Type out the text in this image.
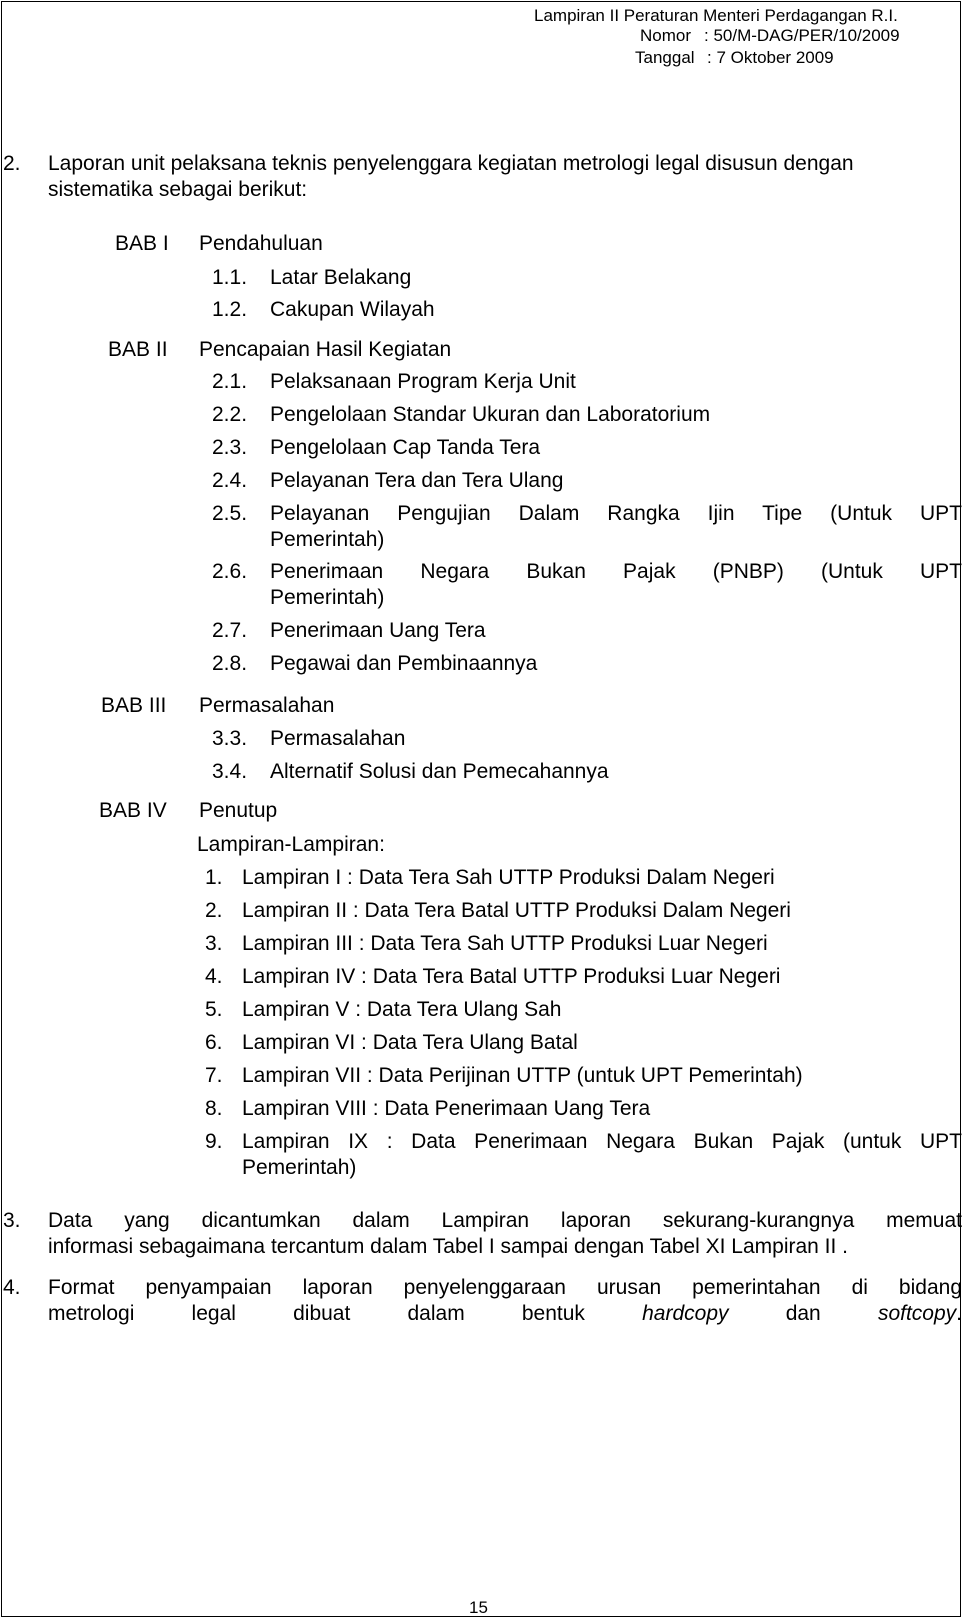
Lampiran II Peraturan Menteri Perdagangan R.I.
Nomor : 50/M-DAG/PER/10/2009
Tanggal : 7 Oktober 2009
2. Laporan unit pelaksana teknis penyelenggara kegiatan metrologi legal disusun dengan
sistematika sebagai berikut:
BAB I Pendahuluan
1.1. Latar Belakang
1.2. Cakupan Wilayah
BAB II Pencapaian Hasil Kegiatan
2.1. Pelaksanaan Program Kerja Unit
2.2. Pengelolaan Standar Ukuran dan Laboratorium
2.3. Pengelolaan Cap Tanda Tera
2.4. Pelayanan Tera dan Tera Ulang
2.5. Pelayanan Pengujian Dalam Rangka Ijin Tipe (Untuk UPT
Pemerintah)
2.6. Penerimaan Negara Bukan Pajak (PNBP) (Untuk UPT
Pemerintah)
2.7. Penerimaan Uang Tera
2.8. Pegawai dan Pembinaannya
BAB III Permasalahan
3.3. Permasalahan
3.4. Alternatif Solusi dan Pemecahannya
BAB IV Penutup
Lampiran-Lampiran:
1. Lampiran I : Data Tera Sah UTTP Produksi Dalam Negeri
2. Lampiran II : Data Tera Batal UTTP Produksi Dalam Negeri
3. Lampiran III : Data Tera Sah UTTP Produksi Luar Negeri
4. Lampiran IV : Data Tera Batal UTTP Produksi Luar Negeri
5. Lampiran V : Data Tera Ulang Sah
6. Lampiran VI : Data Tera Ulang Batal
7. Lampiran VII : Data Perijinan UTTP (untuk UPT Pemerintah)
8. Lampiran VIII : Data Penerimaan Uang Tera
9. Lampiran IX : Data Penerimaan Negara Bukan Pajak (untuk UPT
Pemerintah)
3. Data yang dicantumkan dalam Lampiran laporan sekurang-kurangnya memuat
informasi sebagaimana tercantum dalam Tabel I sampai dengan Tabel XI Lampiran II .
4. Format penyampaian laporan penyelenggaraan urusan pemerintahan di bidang
metrologi legal dibuat dalam bentuk	hardcopy	dan	softcopy.
15
